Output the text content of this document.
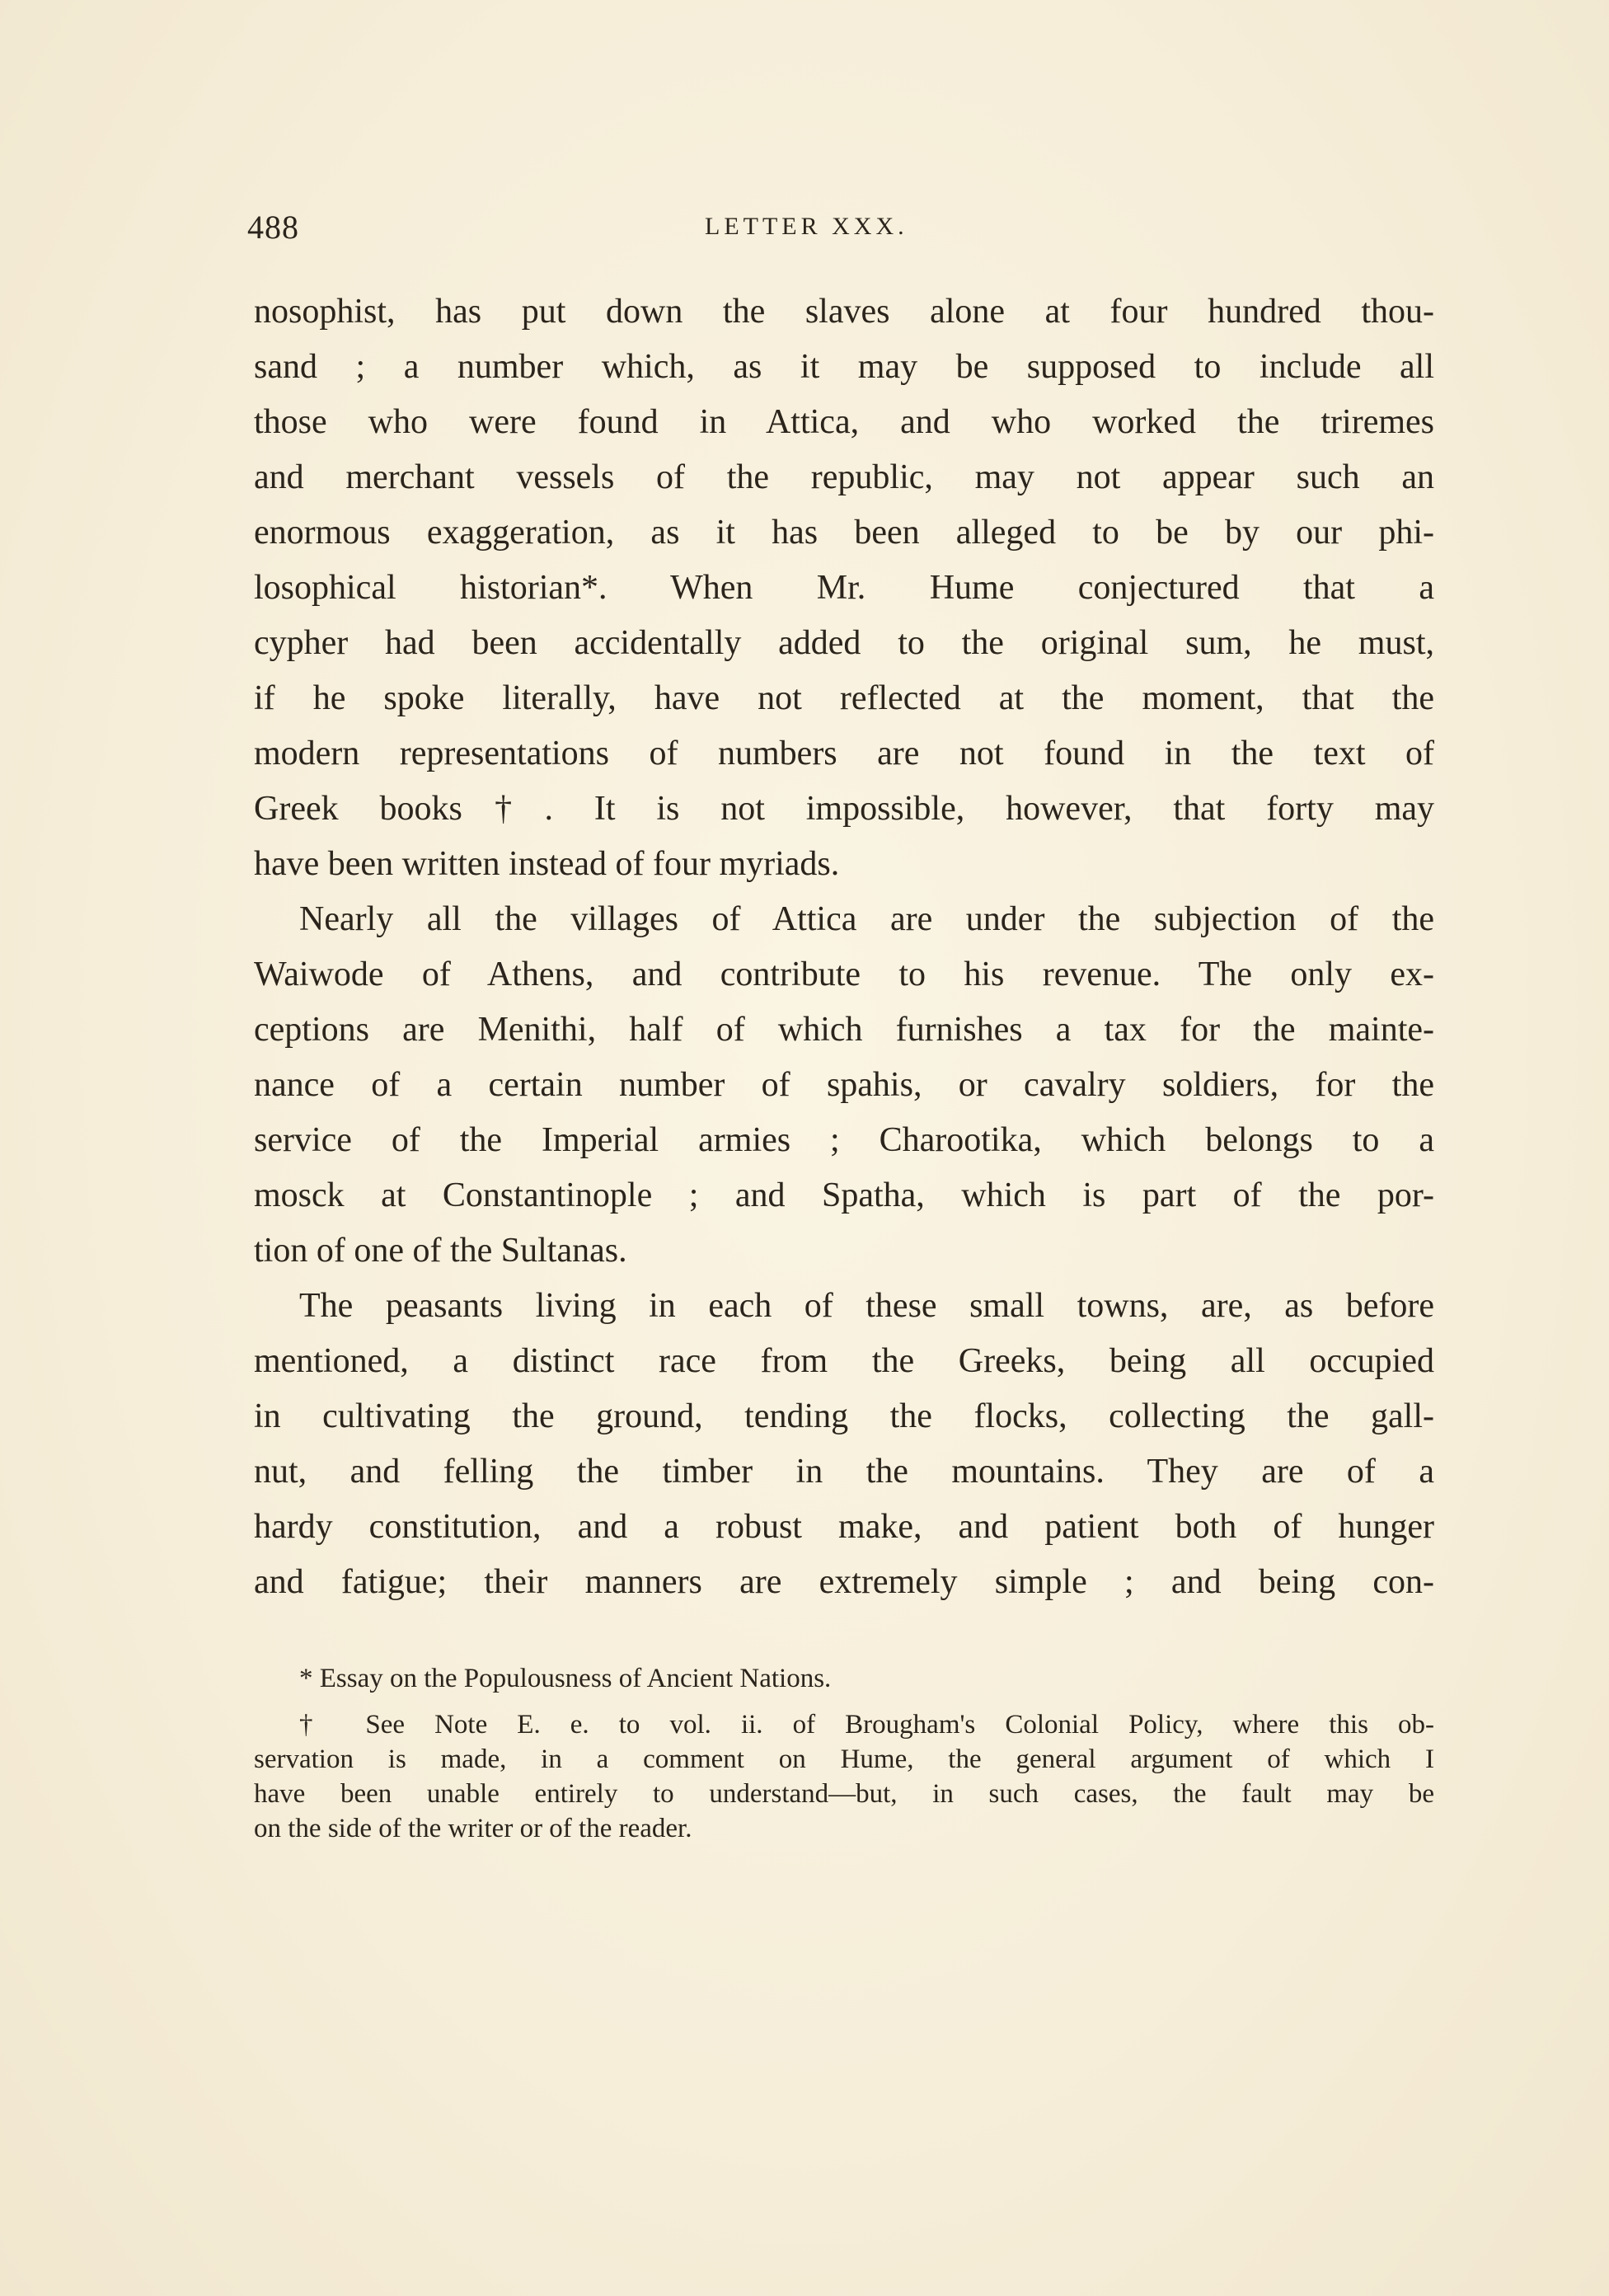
488	LETTER XXX.
nosophist, has put down the slaves alone at four hundred thou-
sand ; a number which, as it may be supposed to include all
those who were found in Attica, and who worked the triremes
and merchant vessels of the republic, may not appear such an
enormous exaggeration, as it has been alleged to be by our phi-
losophical historian*. When Mr. Hume conjectured that a
cypher had been accidentally added to the original sum, he must,
if he spoke literally, have not reflected at the moment, that the
modern representations of numbers are not found in the text of
Greek books†. It is not impossible, however, that forty may
have been written instead of four myriads.
Nearly all the villages of Attica are under the subjection of the
Waiwode of Athens, and contribute to his revenue. The only ex-
ceptions are Menithi, half of which furnishes a tax for the mainte-
nance of a certain number of spahis, or cavalry soldiers, for the
service of the Imperial armies ; Charootika, which belongs to a
mosck at Constantinople ; and Spatha, which is part of the por-
tion of one of the Sultanas.
The peasants living in each of these small towns, are, as before
mentioned, a distinct race from the Greeks, being all occupied
in cultivating the ground, tending the flocks, collecting the gall-
nut, and felling the timber in the mountains. They are of a
hardy constitution, and a robust make, and patient both of hunger
and fatigue; their manners are extremely simple ; and being con-
* Essay on the Populousness of Ancient Nations.
† See Note E. e. to vol. ii. of Brougham's Colonial Policy, where this ob-
servation is made, in a comment on Hume, the general argument of which I
have been unable entirely to understand—but, in such cases, the fault may be
on the side of the writer or of the reader.
